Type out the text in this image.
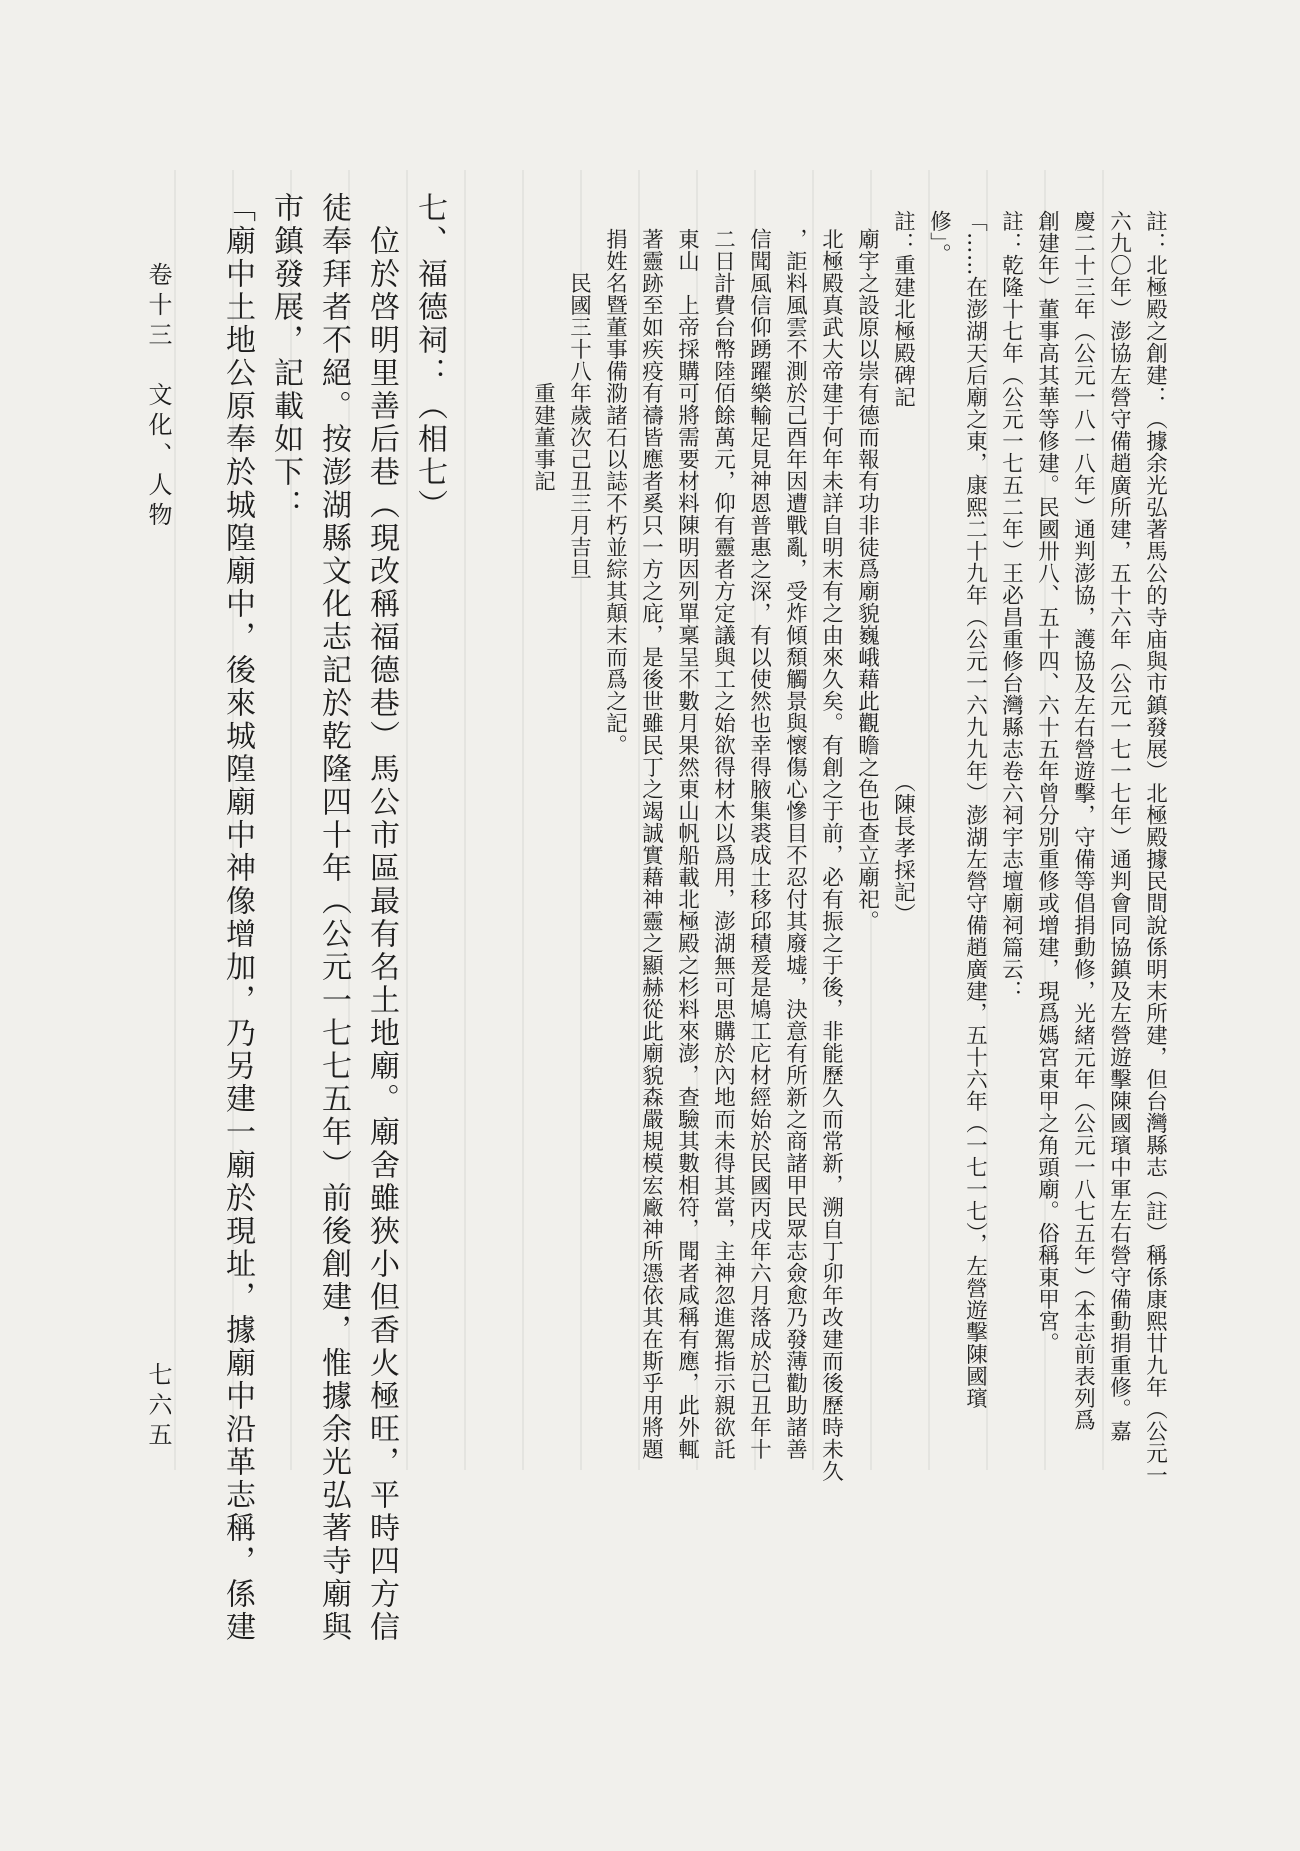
註：北極殿之創建：（據余光弘著馬公的寺庙與市鎮發展）北極殿據民間說係明末所建，但台灣縣志（註）稱係康熙廿九年（公元一
六九〇年）澎協左營守備趙廣所建，五十六年（公元一七一七年）通判會同協鎮及左營遊擊陳國璸中軍左右營守備動捐重修。嘉
慶二十三年（公元一八一八年）通判澎協，護協及左右營遊擊，守備等倡捐動修，光緒元年（公元一八七五年）（本志前表列爲
創建年）董事高其華等修建。民國卅八、五十四、六十五年曾分別重修或增建，現爲媽宮東甲之角頭廟。俗稱東甲宮。
註：乾隆十七年（公元一七五二年）王必昌重修台灣縣志卷六祠宇志壇廟祠篇云：
「……在澎湖天后廟之東，康熙二十九年（公元一六九九年）澎湖左營守備趙廣建，五十六年（一七一七），左營遊擊陳國璸
修」。
註：重建北極殿碑記　　　　　　　　　　　　　　　　　（陳長孝採記）
廟宇之設原以崇有德而報有功非徒爲廟貌巍峨藉此觀瞻之色也查立廟祀。
北極殿真武大帝建于何年未詳自明末有之由來久矣。有創之于前，必有振之于後，非能歷久而常新，溯自丁卯年改建而後歷時未久
，詎料風雲不測於己酉年因遭戰亂，受炸傾頹觸景與懷傷心慘目不忍付其廢墟，決意有所新之商諸甲民眾志僉愈乃發薄勸助諸善
信聞風信仰踴躍樂輸足見神恩普惠之深，有以使然也幸得腋集裘成土移邱積爰是鳩工庀材經始於民國丙戌年六月落成於己丑年十
二日計費台幣陸佰餘萬元，仰有靈者方定議與工之始欲得材木以爲用，澎湖無可思購於內地而未得其當，主神忽進駕指示親欲託
東山　上帝採購可將需要材料陳明因列單稟呈不數月果然東山帆船載北極殿之杉料來澎，查驗其數相符，聞者咸稱有應，此外輒
著靈跡至如疾疫有禱皆應者奚只一方之庇，是後世雖民丁之竭誠實藉神靈之顯赫從此廟貌森嚴規模宏廠神所憑依其在斯乎用將題
捐姓名暨董事備泐諸石以誌不朽並綜其顛末而爲之記。
　　民國三十八年歲次己丑三月吉旦
　　　　　　　重建董事記
七、福德祠：（相七）
　位於啓明里善后巷（現改稱福德巷）馬公市區最有名土地廟。廟舍雖狹小但香火極旺，平時四方信
徒奉拜者不絕。按澎湖縣文化志記於乾隆四十年（公元一七七五年）前後創建，惟據余光弘著寺廟與
市鎮發展，記載如下：
「廟中土地公原奉於城隍廟中，後來城隍廟中神像增加，乃另建一廟於現址，據廟中沿革志稱，係建
卷十三　文化、人物
七六五
